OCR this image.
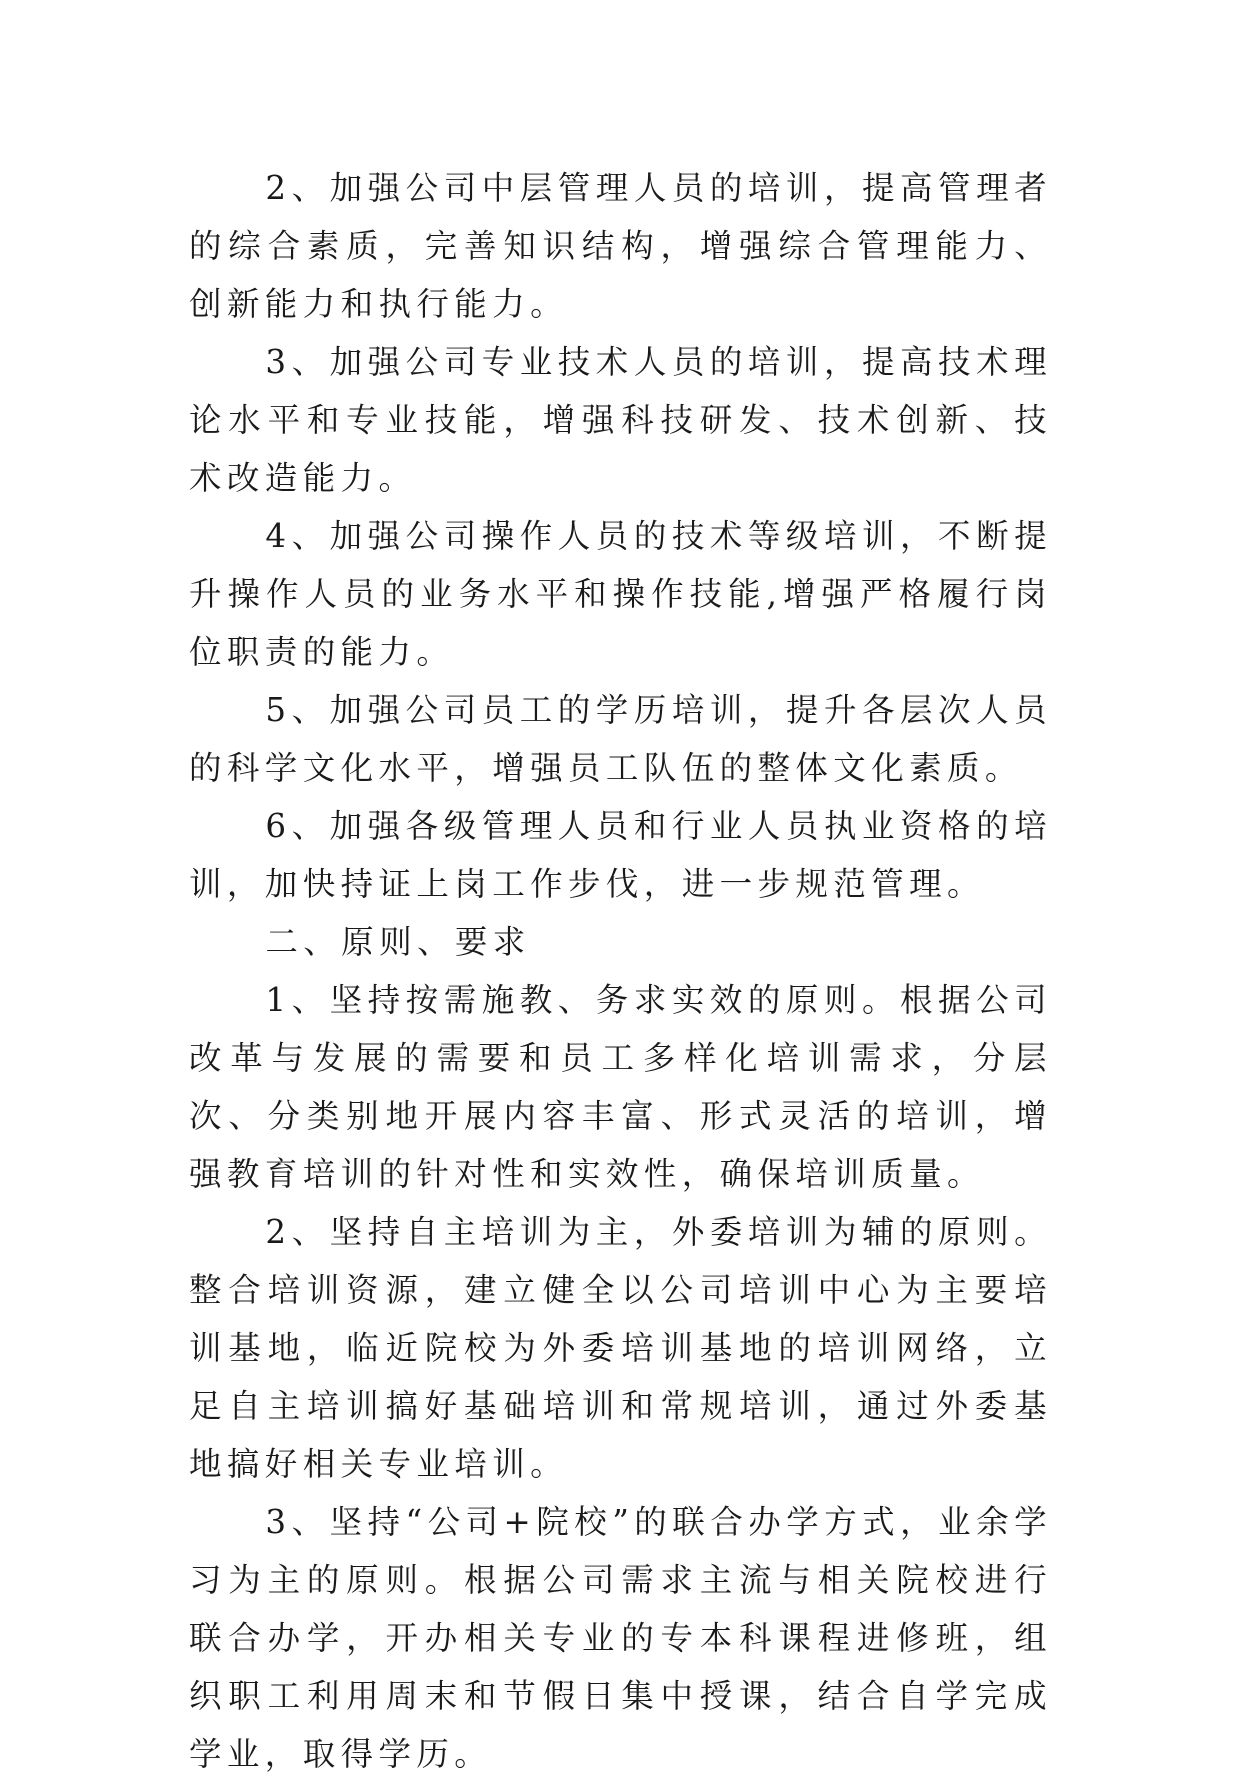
2、加强公司中层管理人员的培训，提高管理者的综合素质，完善知识结构，增强综合管理能力、创新能力和执行能力。

3、加强公司专业技术人员的培训，提高技术理论水平和专业技能，增强科技研发、技术创新、技术改造能力。

4、加强公司操作人员的技术等级培训，不断提升操作人员的业务水平和操作技能,增强严格履行岗位职责的能力。

5、加强公司员工的学历培训，提升各层次人员的科学文化水平，增强员工队伍的整体文化素质。

6、加强各级管理人员和行业人员执业资格的培训，加快持证上岗工作步伐，进一步规范管理。

二、原则、要求

1、坚持按需施教、务求实效的原则。根据公司改革与发展的需要和员工多样化培训需求，分层次、分类别地开展内容丰富、形式灵活的培训，增强教育培训的针对性和实效性，确保培训质量。

2、坚持自主培训为主，外委培训为辅的原则。整合培训资源，建立健全以公司培训中心为主要培训基地，临近院校为外委培训基地的培训网络，立足自主培训搞好基础培训和常规培训，通过外委基地搞好相关专业培训。

3、坚持“公司+院校”的联合办学方式，业余学习为主的原则。根据公司需求主流与相关院校进行联合办学，开办相关专业的专本科课程进修班，组织职工利用周末和节假日集中授课，结合自学完成学业，取得学历。
